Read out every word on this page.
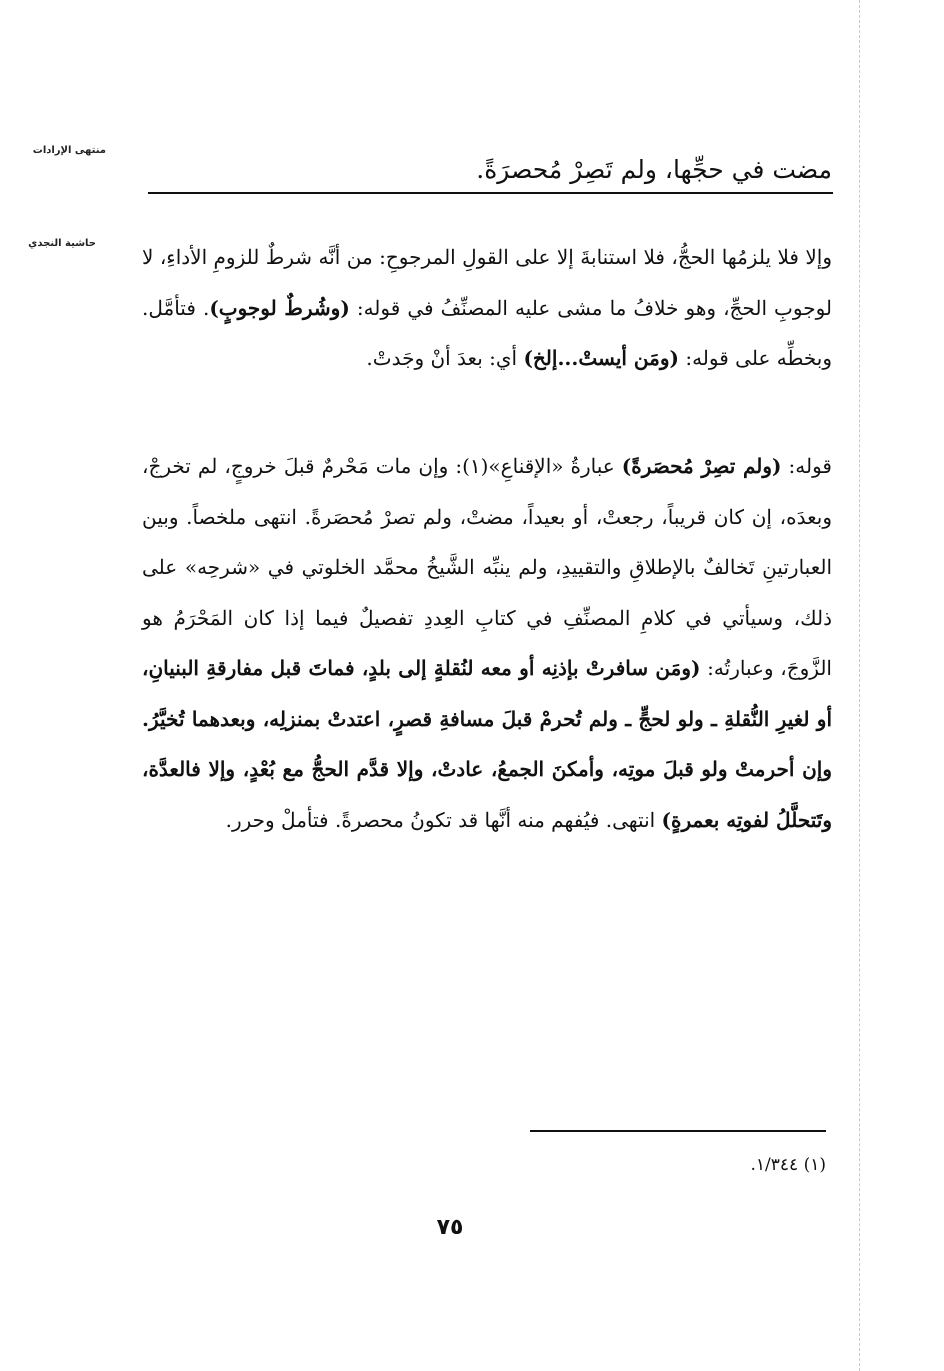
منتهى الإرادات
حاشية النجدي
مضت في حجِّها، ولم تَصِرْ مُحصرَةً.
وإلا فلا يلزمُها الحجُّ، فلا استنابةَ إلا على القولِ المرجوحِ: من أنَّه شرطٌ للزومِ الأداءِ، لا لوجوبِ الحجِّ، وهو خلافُ ما مشى عليه المصنِّفُ في قوله: (وشُرطٌ لوجوبٍ). فتأمَّل. وبخطِّه على قوله: (ومَن أيستْ...إلخ) أي: بعدَ أنْ وجَدتْ.
قوله: (ولم تصِرْ مُحصَرةً) عبارةُ «الإقناعِ»(١): وإن مات مَحْرمٌ قبلَ خروجٍ، لم تخرجْ، وبعدَه، إن كان قريباً، رجعتْ، أو بعيداً، مضتْ، ولم تصرْ مُحصَرةً. انتهى ملخصاً. وبين العبارتينِ تَخالفٌ بالإطلاقِ والتقييدِ، ولم ينبِّه الشَّيخُ محمَّد الخلوتي في «شرحِه» على ذلك، وسيأتي في كلامِ المصنِّفِ في كتابِ العِددِ تفصيلٌ فيما إذا كان المَحْرَمُ هو الزَّوجَ، وعبارتُه: (ومَن سافرتْ بإذنِه أو معه لنُقلةٍ إلى بلدٍ، فماتَ قبل مفارقةِ البنيانِ، أو لغيرِ النُّقلةِ ـ ولو لحجٍّ ـ ولم تُحرمْ قبلَ مسافةِ قصرٍ، اعتدتْ بمنزلِه، وبعدهما تُخيَّرُ. وإن أحرمتْ ولو قبلَ موتِه، وأمكنَ الجمعُ، عادتْ، وإلا قدَّم الحجُّ مع بُعْدٍ، وإلا فالعدَّة، وتَتحلَّلُ لفوتِه بعمرةٍ) انتهى. فيُفهم منه أنَّها قد تكونُ محصرةً. فتأملْ وحرر.
(١) ١/٣٤٤.
٧٥
